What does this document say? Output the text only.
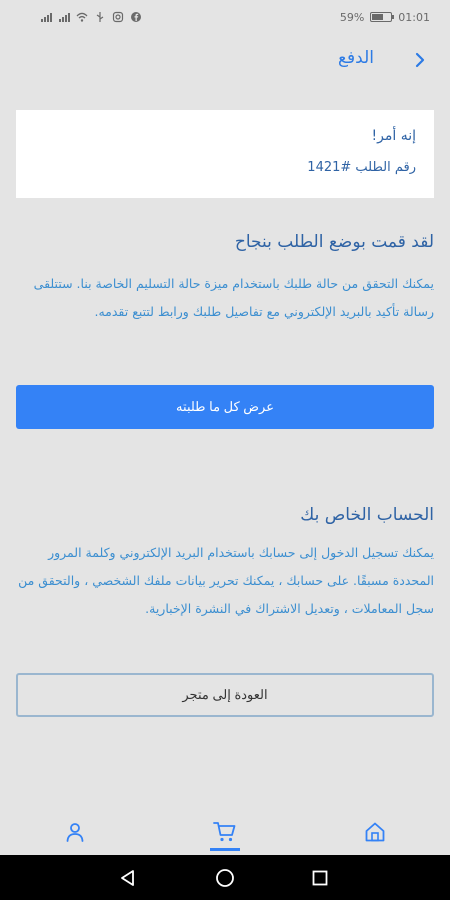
59%	01:01
الدفع
إنه أمر!
رقم الطلب #1421
لقد قمت بوضع الطلب بنجاح
يمكنك التحقق من حالة طلبك باستخدام ميزة حالة التسليم الخاصة بنا. ستتلقى رسالة تأكيد بالبريد الإلكتروني مع تفاصيل طلبك ورابط لتتبع تقدمه.
عرض كل ما طلبته
الحساب الخاص بك
يمكنك تسجيل الدخول إلى حسابك باستخدام البريد الإلكتروني وكلمة المرور المحددة مسبقًا. على حسابك ، يمكنك تحرير بيانات ملفك الشخصي ، والتحقق من سجل المعاملات ، وتعديل الاشتراك في النشرة الإخبارية.
العودة إلى متجر
